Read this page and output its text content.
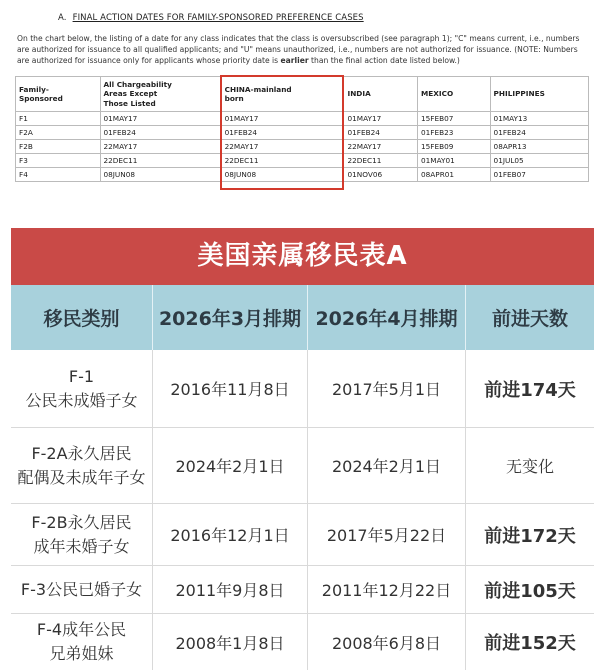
A. FINAL ACTION DATES FOR FAMILY-SPONSORED PREFERENCE CASES
On the chart below, the listing of a date for any class indicates that the class is oversubscribed (see paragraph 1); "C" means current, i.e., numbers are authorized for issuance to all qualified applicants; and "U" means unauthorized, i.e., numbers are not authorized for issuance. (NOTE: Numbers are authorized for issuance only for applicants whose priority date is earlier than the final action date listed below.)
Family-
Sponsored	All Chargeability
Areas Except
Those Listed	CHINA-mainland
born	INDIA	MEXICO	PHILIPPINES
F1	01MAY17	01MAY17	01MAY17	15FEB07	01MAY13
F2A	01FEB24	01FEB24	01FEB24	01FEB23	01FEB24
F2B	22MAY17	22MAY17	22MAY17	15FEB09	08APR13
F3	22DEC11	22DEC11	22DEC11	01MAY01	01JUL05
F4	08JUN08	08JUN08	01NOV06	08APR01	01FEB07
美国亲属移民表A
移民类别	2026年3月排期 2026年4月排期	前进天数
F-1
公民未成婚子女
2016年11月8日	2017年5月1日	前进174天
F-2A永久居民
配偶及未成年子女
2024年2月1日	2024年2月1日	无变化
F-2B永久居民
成年未婚子女
2016年12月1日	2017年5月22日	前进172天
F-3公民已婚子女	2011年9月8日	2011年12月22日	前进105天
F-4成年公民
兄弟姐妹
2008年1月8日	2008年6月8日	前进152天
